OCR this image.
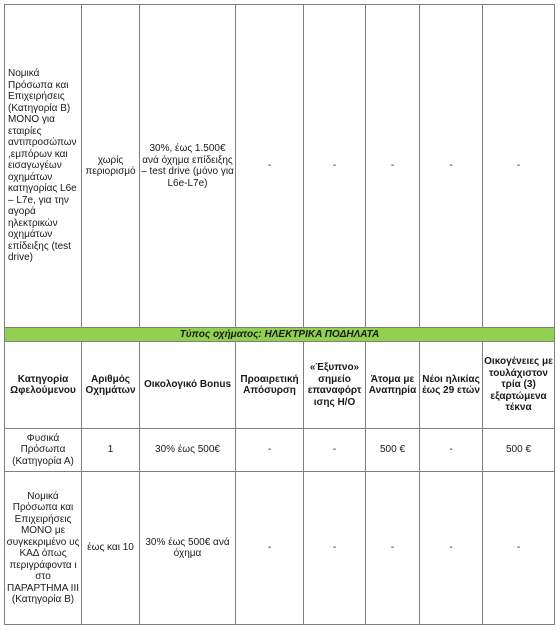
Νομικά Πρόσωπα και Επιχειρήσεις (Κατηγορία Β) ΜΟΝΟ για εταιρίες αντιπροσώπων ,εμπόρων και εισαγωγέων οχημάτων κατηγορίας L6e – L7e, για την αγορά ηλεκτρικών οχημάτων επίδειξης (test drive)	χωρίς περιορισμό	30%, έως 1.500€ ανά όχημα επίδειξης – test drive (μόνο για L6e-L7e)	-	-	-	-	-
Τύπος οχήματος: ΗΛΕΚΤΡΙΚΑ ΠΟΔΗΛΑΤΑ							
Κατηγορία Ωφελούμενου	Αριθμός Οχημάτων	Οικολογικό Bonus	Προαιρετική Απόσυρση	«Έξυπνο» σημείο επαναφόρτ ισης Η/Ο	Άτομα με Αναπηρία	Νέοι ηλικίας έως 29 ετών	Οικογένειες με τουλάχιστον τρία (3) εξαρτώμενα τέκνα
Φυσικά Πρόσωπα (Κατηγορία Α)	1	30% έως 500€	-	-	500 €	-	500 €
Νομικά Πρόσωπα και Επιχειρήσεις ΜΟΝΟ με συγκεκριμένο υς ΚΑΔ όπως περιγράφοντα ι στο ΠΑΡΑΡΤΗΜΑ ΙΙΙ (Κατηγορία Β)	έως και 10	30% έως 500€ ανά όχημα	-	-	-	-	-
